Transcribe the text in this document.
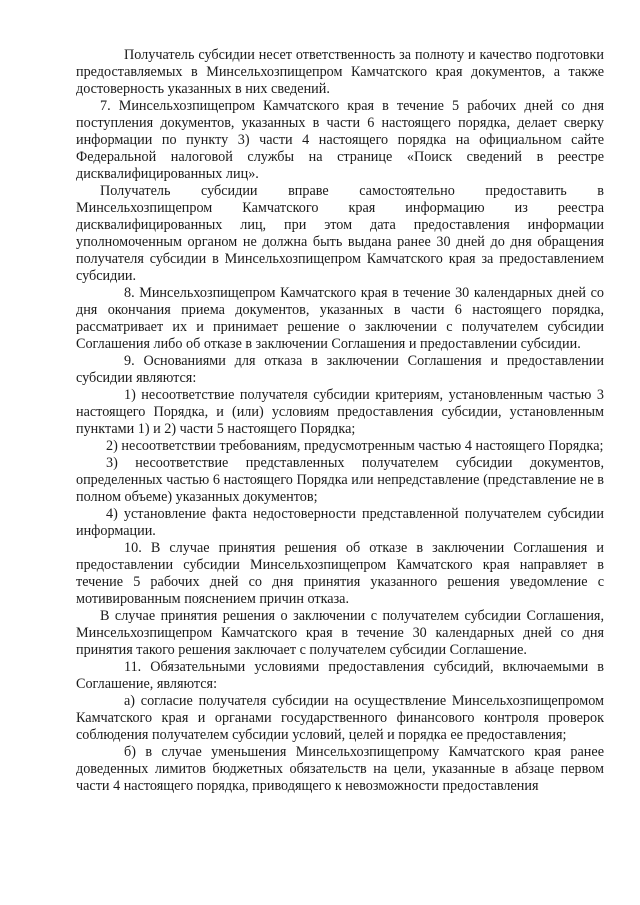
Получатель субсидии несет ответственность за полноту и качество подготовки предоставляемых в Минсельхозпищепром Камчатского края документов, а также достоверность указанных в них сведений.

7. Минсельхозпищепром Камчатского края в течение 5 рабочих дней со дня поступления документов, указанных в части 6 настоящего порядка, делает сверку информации по пункту 3) части 4 настоящего порядка на официальном сайте Федеральной налоговой службы на странице «Поиск сведений в реестре дисквалифицированных лиц».

Получатель субсидии вправе самостоятельно предоставить в Минсельхозпищепром Камчатского края информацию из реестра дисквалифицированных лиц, при этом дата предоставления информации уполномоченным органом не должна быть выдана ранее 30 дней до дня обращения получателя субсидии в Минсельхозпищепром Камчатского края за предоставлением субсидии.

8. Минсельхозпищепром Камчатского края в течение 30 календарных дней со дня окончания приема документов, указанных в части 6 настоящего порядка, рассматривает их и принимает решение о заключении с получателем субсидии Соглашения либо об отказе в заключении Соглашения и предоставлении субсидии.

9. Основаниями для отказа в заключении Соглашения и предоставлении субсидии являются:

1) несоответствие получателя субсидии критериям, установленным частью 3 настоящего Порядка, и (или) условиям предоставления субсидии, установленным пунктами 1) и 2) части 5 настоящего Порядка;

2) несоответствии требованиям, предусмотренным частью 4 настоящего Порядка;

3) несоответствие представленных получателем субсидии документов, определенных частью 6 настоящего Порядка или непредставление (представление не в полном объеме) указанных документов;

4) установление факта недостоверности представленной получателем субсидии информации.

10. В случае принятия решения об отказе в заключении Соглашения и предоставлении субсидии Минсельхозпищепром Камчатского края направляет в течение 5 рабочих дней со дня принятия указанного решения уведомление с мотивированным пояснением причин отказа.

В случае принятия решения о заключении с получателем субсидии Соглашения, Минсельхозпищепром Камчатского края в течение 30 календарных дней со дня принятия такого решения заключает с получателем субсидии Соглашение.

11. Обязательными условиями предоставления субсидий, включаемыми в Соглашение, являются:

а) согласие получателя субсидии на осуществление Минсельхозпищепромом Камчатского края и органами государственного финансового контроля проверок соблюдения получателем субсидии условий, целей и порядка ее предоставления;

б) в случае уменьшения Минсельхозпищепрому Камчатского края ранее доведенных лимитов бюджетных обязательств на цели, указанные в абзаце первом части 4 настоящего порядка, приводящего к невозможности предоставления
